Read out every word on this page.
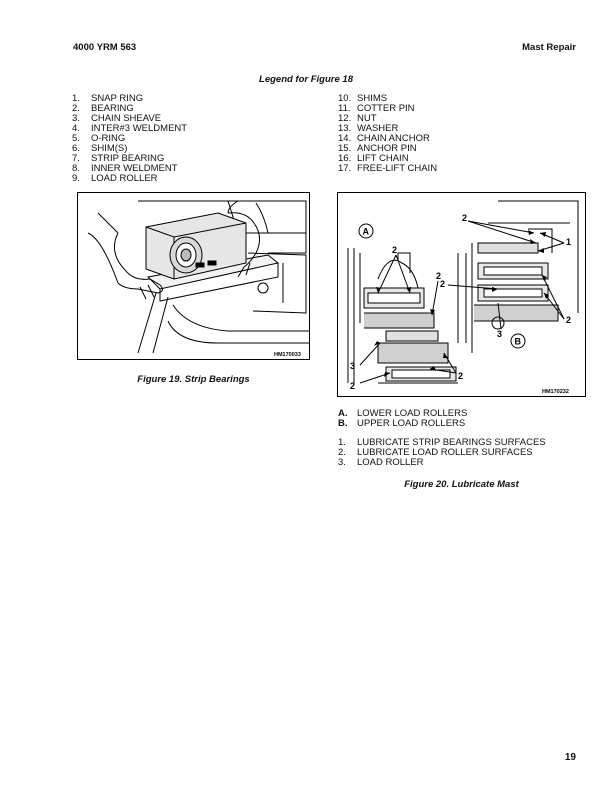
4000 YRM 563	Mast Repair
Legend for Figure 18
1.	SNAP RING
2.	BEARING
3.	CHAIN SHEAVE
4.	INTER#3 WELDMENT
5.	O-RING
6.	SHIM(S)
7.	STRIP BEARING
8.	INNER WELDMENT
9.	LOAD ROLLER
10. SHIMS
11. COTTER PIN
12. NUT
13. WASHER
14. CHAIN ANCHOR
15. ANCHOR PIN
16. LIFT CHAIN
17. FREE-LIFT CHAIN
HM170033
Figure 19. Strip Bearings
A
B
2
2
3
2
2
2
1
2
2
3
HM170232
A.	LOWER LOAD ROLLERS
B.	UPPER LOAD ROLLERS
1.	LUBRICATE STRIP BEARINGS SURFACES
2.	LUBRICATE LOAD ROLLER SURFACES
3.	LOAD ROLLER
Figure 20. Lubricate Mast
19
